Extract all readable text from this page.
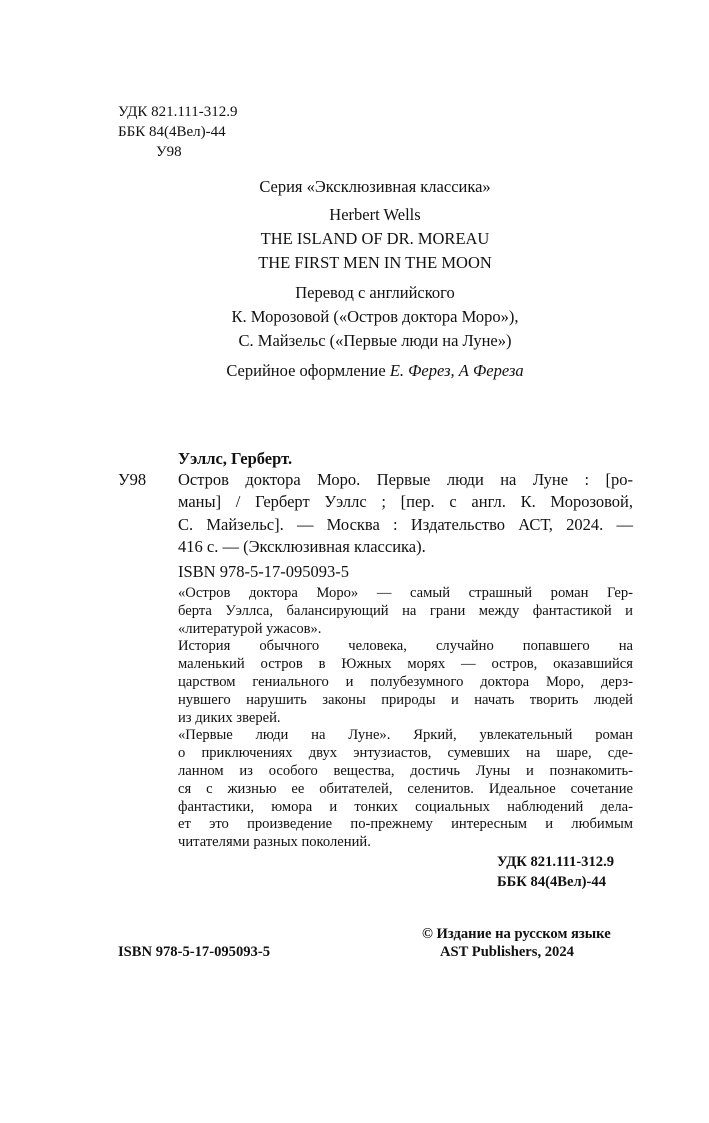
УДК 821.111-312.9
ББК 84(4Вел)-44
У98
Серия «Эксклюзивная классика»
Herbert Wells
THE ISLAND OF DR. MOREAU
THE FIRST MEN IN THE MOON
Перевод с английского
К. Морозовой («Остров доктора Моро»),
С. Майзельс («Первые люди на Луне»)
Серийное оформление Е. Ферез, А Фереза
Уэллс, Герберт.
У98 Остров доктора Моро. Первые люди на Луне : [ро-
маны] / Герберт Уэллс ; [пер. с англ. К. Морозовой,
С. Майзельс]. — Москва : Издательство АСТ, 2024. —
416 с. — (Эксклюзивная классика).
ISBN 978-5-17-095093-5
«Остров доктора Моро» — самый страшный роман Гер-
берта Уэллса, балансирующий на грани между фантастикой и
«литературой ужасов».
История обычного человека, случайно попавшего на
маленький остров в Южных морях — остров, оказавшийся
царством гениального и полубезумного доктора Моро, дерз-
нувшего нарушить законы природы и начать творить людей
из диких зверей.
«Первые люди на Луне». Яркий, увлекательный роман
о приключениях двух энтузиастов, сумевших на шаре, сде-
ланном из особого вещества, достичь Луны и познакомить-
ся с жизнью ее обитателей, селенитов. Идеальное сочетание
фантастики, юмора и тонких социальных наблюдений дела-
ет это произведение по-прежнему интересным и любимым
читателями разных поколений.
УДК 821.111-312.9
ББК 84(4Вел)-44
ISBN 978-5-17-095093-5
© Издание на русском языке
AST Publishers, 2024
